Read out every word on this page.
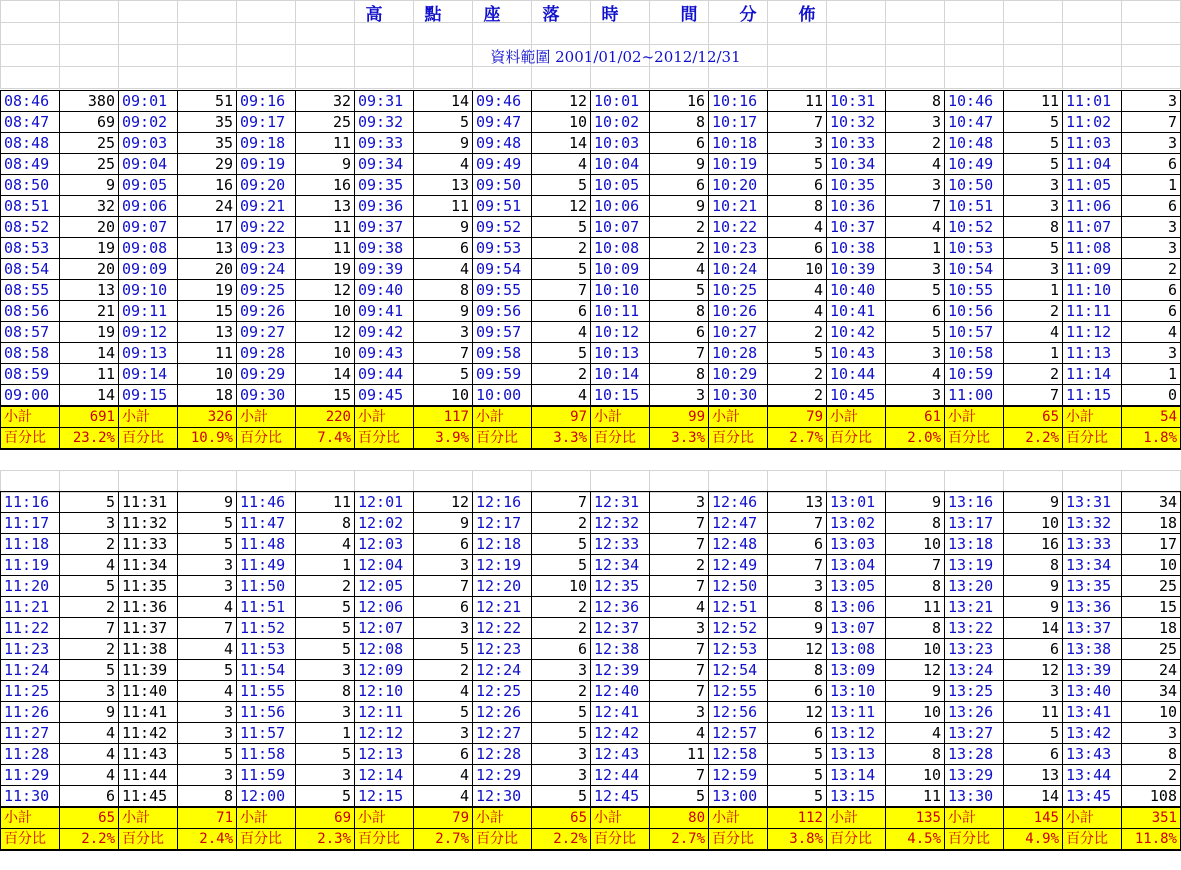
高	點	座	落	時	間	分	佈
資料範圍 2001/01/02~2012/12/31
08:46	380	09:01	51	09:16	32	09:31	14	09:46	12	10:01	16	10:16	11	10:31	8	10:46	11	11:01	3
08:47	69	09:02	35	09:17	25	09:32	5	09:47	10	10:02	8	10:17	7	10:32	3	10:47	5	11:02	7
08:48	25	09:03	35	09:18	11	09:33	9	09:48	14	10:03	6	10:18	3	10:33	2	10:48	5	11:03	3
08:49	25	09:04	29	09:19	9	09:34	4	09:49	4	10:04	9	10:19	5	10:34	4	10:49	5	11:04	6
08:50	9	09:05	16	09:20	16	09:35	13	09:50	5	10:05	6	10:20	6	10:35	3	10:50	3	11:05	1
08:51	32	09:06	24	09:21	13	09:36	11	09:51	12	10:06	9	10:21	8	10:36	7	10:51	3	11:06	6
08:52	20	09:07	17	09:22	11	09:37	9	09:52	5	10:07	2	10:22	4	10:37	4	10:52	8	11:07	3
08:53	19	09:08	13	09:23	11	09:38	6	09:53	2	10:08	2	10:23	6	10:38	1	10:53	5	11:08	3
08:54	20	09:09	20	09:24	19	09:39	4	09:54	5	10:09	4	10:24	10	10:39	3	10:54	3	11:09	2
08:55	13	09:10	19	09:25	12	09:40	8	09:55	7	10:10	5	10:25	4	10:40	5	10:55	1	11:10	6
08:56	21	09:11	15	09:26	10	09:41	9	09:56	6	10:11	8	10:26	4	10:41	6	10:56	2	11:11	6
08:57	19	09:12	13	09:27	12	09:42	3	09:57	4	10:12	6	10:27	2	10:42	5	10:57	4	11:12	4
08:58	14	09:13	11	09:28	10	09:43	7	09:58	5	10:13	7	10:28	5	10:43	3	10:58	1	11:13	3
08:59	11	09:14	10	09:29	14	09:44	5	09:59	2	10:14	8	10:29	2	10:44	4	10:59	2	11:14	1
09:00	14	09:15	18	09:30	15	09:45	10	10:00	4	10:15	3	10:30	2	10:45	3	11:00	7	11:15	0
小計	691	小計	326	小計	220	小計	117	小計	97	小計	99	小計	79	小計	61	小計	65	小計	54
百分比	23.2%	百分比	10.9%	百分比	7.4%	百分比	3.9%	百分比	3.3%	百分比	3.3%	百分比	2.7%	百分比	2.0%	百分比	2.2%	百分比	1.8%
11:16	5	11:31	9	11:46	11	12:01	12	12:16	7	12:31	3	12:46	13	13:01	9	13:16	9	13:31	34
11:17	3	11:32	5	11:47	8	12:02	9	12:17	2	12:32	7	12:47	7	13:02	8	13:17	10	13:32	18
11:18	2	11:33	5	11:48	4	12:03	6	12:18	5	12:33	7	12:48	6	13:03	10	13:18	16	13:33	17
11:19	4	11:34	3	11:49	1	12:04	3	12:19	5	12:34	2	12:49	7	13:04	7	13:19	8	13:34	10
11:20	5	11:35	3	11:50	2	12:05	7	12:20	10	12:35	7	12:50	3	13:05	8	13:20	9	13:35	25
11:21	2	11:36	4	11:51	5	12:06	6	12:21	2	12:36	4	12:51	8	13:06	11	13:21	9	13:36	15
11:22	7	11:37	7	11:52	5	12:07	3	12:22	2	12:37	3	12:52	9	13:07	8	13:22	14	13:37	18
11:23	2	11:38	4	11:53	5	12:08	5	12:23	6	12:38	7	12:53	12	13:08	10	13:23	6	13:38	25
11:24	5	11:39	5	11:54	3	12:09	2	12:24	3	12:39	7	12:54	8	13:09	12	13:24	12	13:39	24
11:25	3	11:40	4	11:55	8	12:10	4	12:25	2	12:40	7	12:55	6	13:10	9	13:25	3	13:40	34
11:26	9	11:41	3	11:56	3	12:11	5	12:26	5	12:41	3	12:56	12	13:11	10	13:26	11	13:41	10
11:27	4	11:42	3	11:57	1	12:12	3	12:27	5	12:42	4	12:57	6	13:12	4	13:27	5	13:42	3
11:28	4	11:43	5	11:58	5	12:13	6	12:28	3	12:43	11	12:58	5	13:13	8	13:28	6	13:43	8
11:29	4	11:44	3	11:59	3	12:14	4	12:29	3	12:44	7	12:59	5	13:14	10	13:29	13	13:44	2
11:30	6	11:45	8	12:00	5	12:15	4	12:30	5	12:45	5	13:00	5	13:15	11	13:30	14	13:45	108
小計	65	小計	71	小計	69	小計	79	小計	65	小計	80	小計	112	小計	135	小計	145	小計	351
百分比	2.2%	百分比	2.4%	百分比	2.3%	百分比	2.7%	百分比	2.2%	百分比	2.7%	百分比	3.8%	百分比	4.5%	百分比	4.9%	百分比	11.8%
